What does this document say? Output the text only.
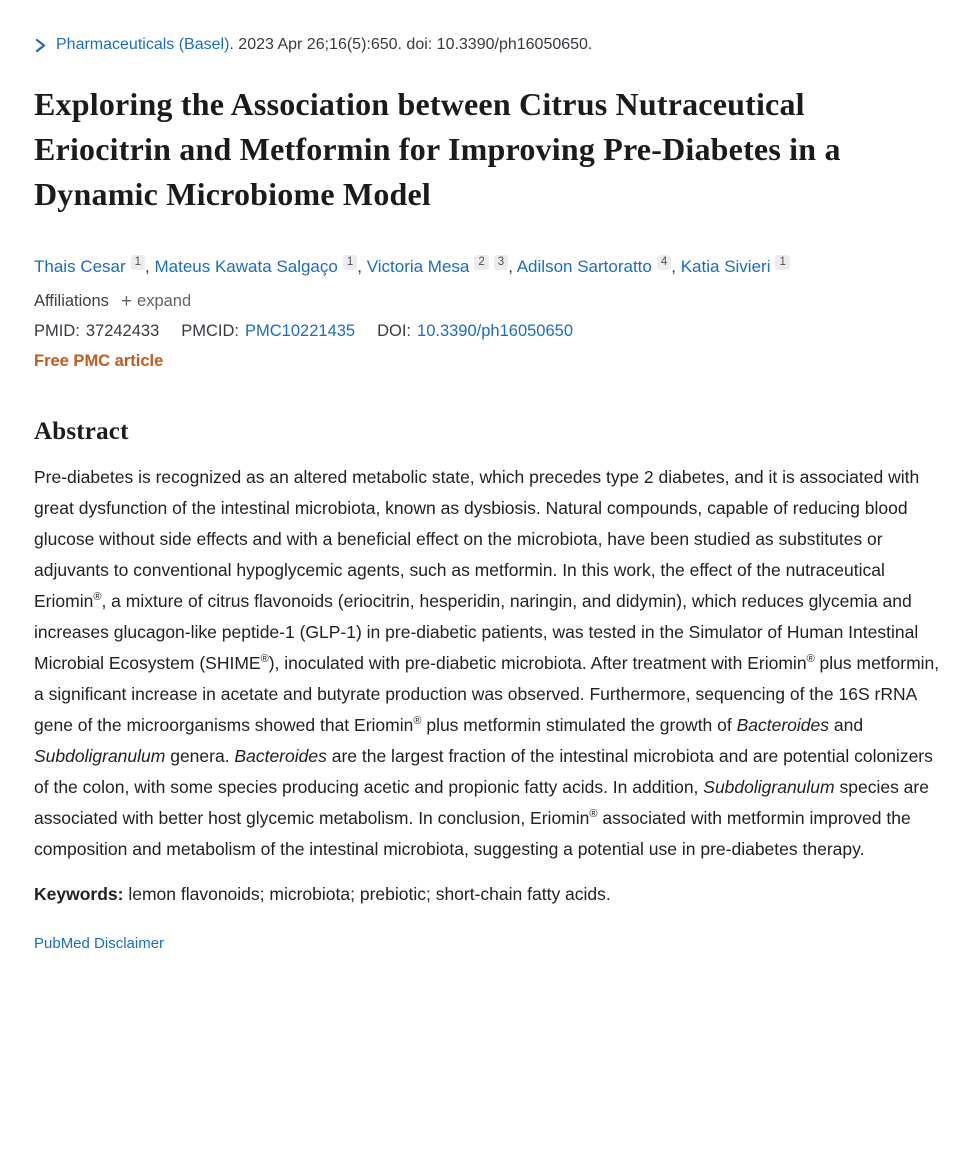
Pharmaceuticals (Basel). 2023 Apr 26;16(5):650. doi: 10.3390/ph16050650.
Exploring the Association between Citrus Nutraceutical Eriocitrin and Metformin for Improving Pre-Diabetes in a Dynamic Microbiome Model
Thais Cesar 1 , Mateus Kawata Salgaço 1 , Victoria Mesa 2 3 , Adilson Sartoratto 4 , Katia Sivieri 1
Affiliations + expand
PMID: 37242433 PMCID: PMC10221435 DOI: 10.3390/ph16050650
Free PMC article
Abstract

Pre-diabetes is recognized as an altered metabolic state, which precedes type 2 diabetes, and it is associated with great dysfunction of the intestinal microbiota, known as dysbiosis. Natural compounds, capable of reducing blood glucose without side effects and with a beneficial effect on the microbiota, have been studied as substitutes or adjuvants to conventional hypoglycemic agents, such as metformin. In this work, the effect of the nutraceutical Eriomin®, a mixture of citrus flavonoids (eriocitrin, hesperidin, naringin, and didymin), which reduces glycemia and increases glucagon-like peptide-1 (GLP-1) in pre-diabetic patients, was tested in the Simulator of Human Intestinal Microbial Ecosystem (SHIME®), inoculated with pre-diabetic microbiota. After treatment with Eriomin® plus metformin, a significant increase in acetate and butyrate production was observed. Furthermore, sequencing of the 16S rRNA gene of the microorganisms showed that Eriomin® plus metformin stimulated the growth of Bacteroides and Subdoligranulum genera. Bacteroides are the largest fraction of the intestinal microbiota and are potential colonizers of the colon, with some species producing acetic and propionic fatty acids. In addition, Subdoligranulum species are associated with better host glycemic metabolism. In conclusion, Eriomin® associated with metformin improved the composition and metabolism of the intestinal microbiota, suggesting a potential use in pre-diabetes therapy.

Keywords: lemon flavonoids; microbiota; prebiotic; short-chain fatty acids.

PubMed Disclaimer
